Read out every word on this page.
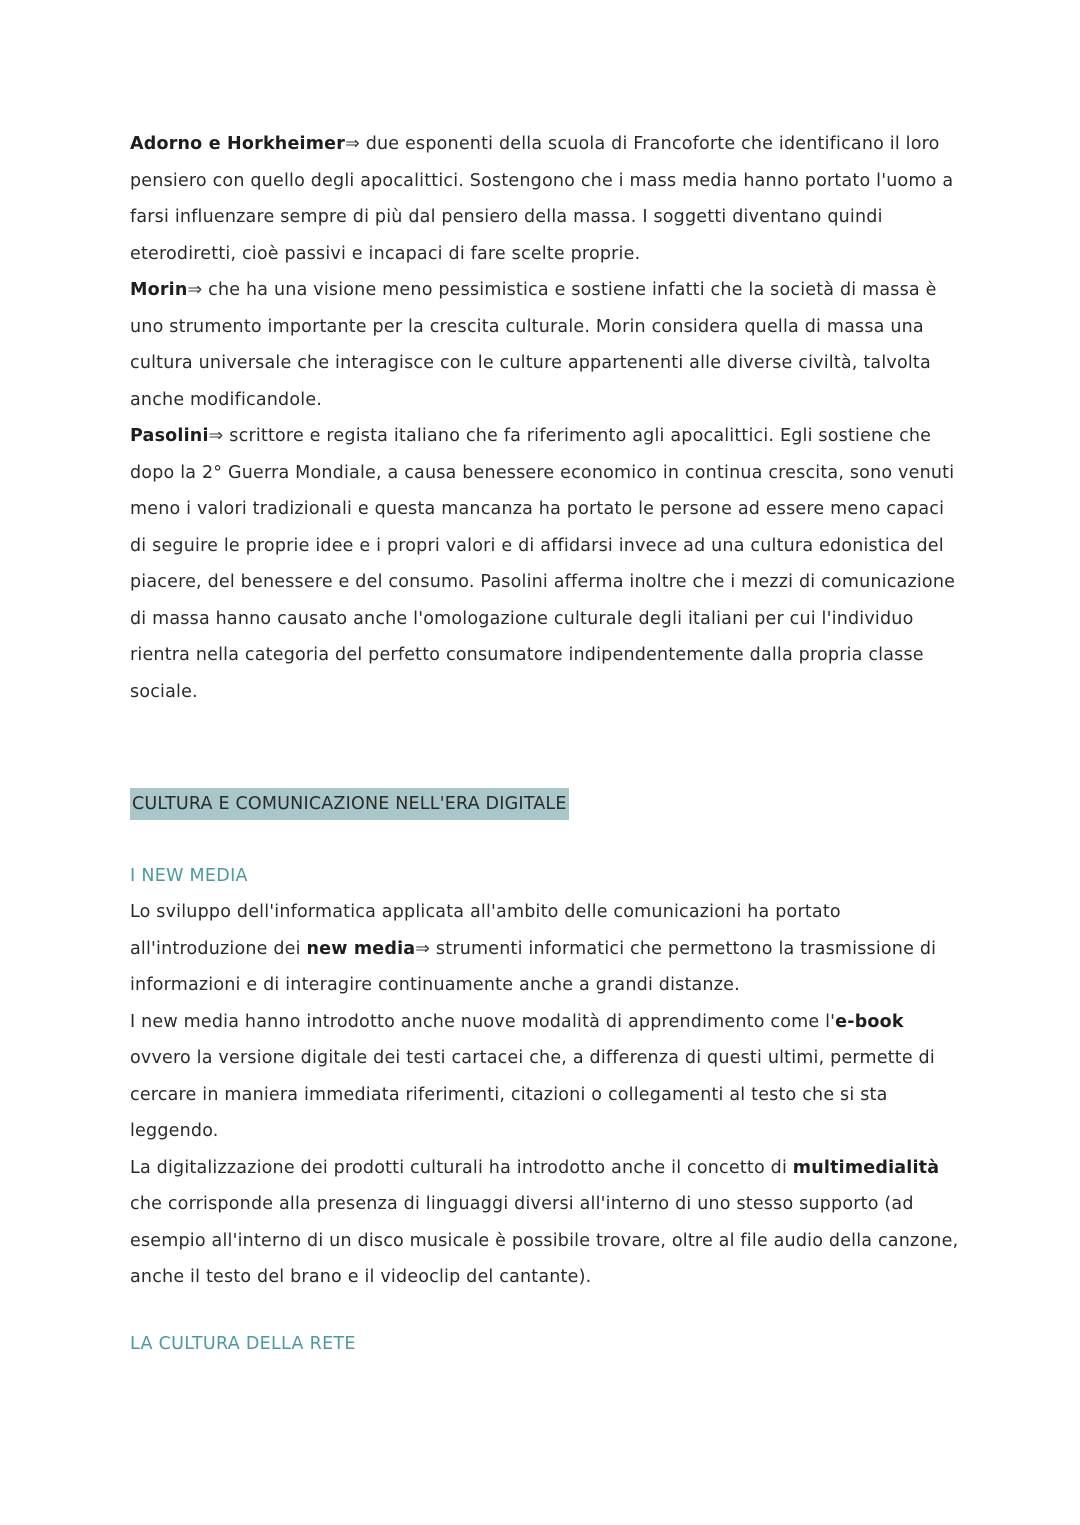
Adorno e Horkheimer⇒ due esponenti della scuola di Francoforte che identificano il loro pensiero con quello degli apocalittici. Sostengono che i mass media hanno portato l'uomo a farsi influenzare sempre di più dal pensiero della massa. I soggetti diventano quindi eterodiretti, cioè passivi e incapaci di fare scelte proprie.

Morin⇒ che ha una visione meno pessimistica e sostiene infatti che la società di massa è uno strumento importante per la crescita culturale. Morin considera quella di massa una cultura universale che interagisce con le culture appartenenti alle diverse civiltà, talvolta anche modificandole.

Pasolini⇒ scrittore e regista italiano che fa riferimento agli apocalittici. Egli sostiene che dopo la 2° Guerra Mondiale, a causa benessere economico in continua crescita, sono venuti meno i valori tradizionali e questa mancanza ha portato le persone ad essere meno capaci di seguire le proprie idee e i propri valori e di affidarsi invece ad una cultura edonistica del piacere, del benessere e del consumo. Pasolini afferma inoltre che i mezzi di comunicazione di massa hanno causato anche l'omologazione culturale degli italiani per cui l'individuo rientra nella categoria del perfetto consumatore indipendentemente dalla propria classe sociale.

CULTURA E COMUNICAZIONE NELL'ERA DIGITALE

I NEW MEDIA

Lo sviluppo dell'informatica applicata all'ambito delle comunicazioni ha portato all'introduzione dei new media⇒ strumenti informatici che permettono la trasmissione di informazioni e di interagire continuamente anche a grandi distanze.

I new media hanno introdotto anche nuove modalità di apprendimento come l'e-book ovvero la versione digitale dei testi cartacei che, a differenza di questi ultimi, permette di cercare in maniera immediata riferimenti, citazioni o collegamenti al testo che si sta leggendo.

La digitalizzazione dei prodotti culturali ha introdotto anche il concetto di multimedialità che corrisponde alla presenza di linguaggi diversi all'interno di uno stesso supporto (ad esempio all'interno di un disco musicale è possibile trovare, oltre al file audio della canzone, anche il testo del brano e il videoclip del cantante).

LA CULTURA DELLA RETE
